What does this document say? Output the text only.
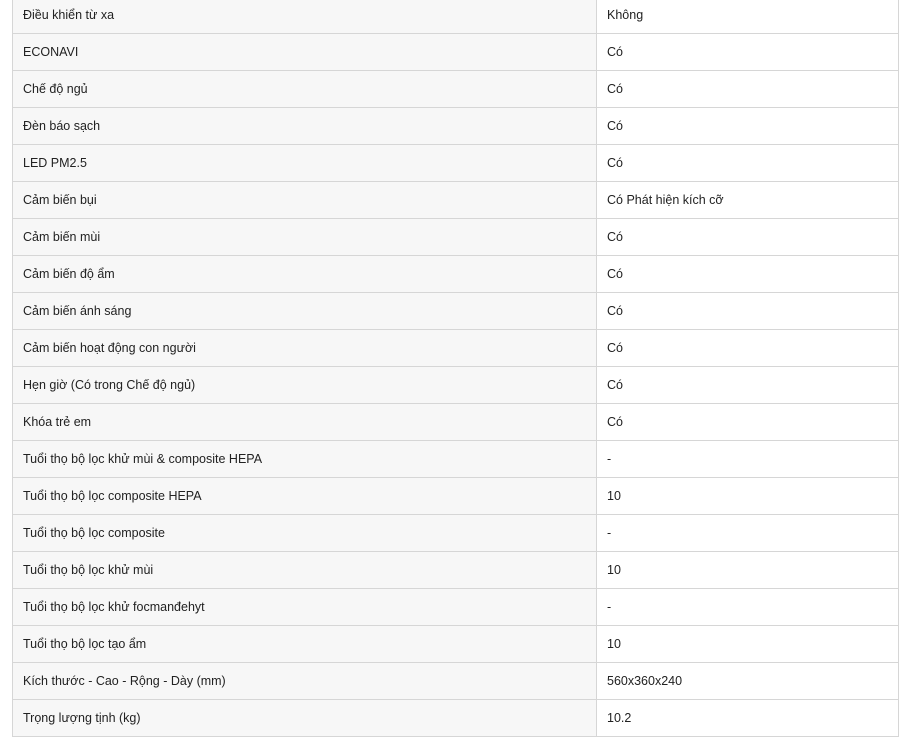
Điều khiển từ xa	Không
ECONAVI	Có
Chế độ ngủ	Có
Đèn báo sạch	Có
LED PM2.5	Có
Cảm biến bụi	Có Phát hiện kích cỡ
Cảm biến mùi	Có
Cảm biến độ ẩm	Có
Cảm biến ánh sáng	Có
Cảm biến hoạt động con người	Có
Hẹn giờ (Có trong Chế độ ngủ)	Có
Khóa trẻ em	Có
Tuổi thọ bộ lọc khử mùi & composite HEPA	-
Tuổi thọ bộ lọc composite HEPA	10
Tuổi thọ bộ lọc composite	-
Tuổi thọ bộ lọc khử mùi	10
Tuổi thọ bộ lọc khử focmanđehyt	-
Tuổi thọ bộ lọc tạo ẩm	10
Kích thước - Cao - Rộng - Dày (mm)	560x360x240
Trọng lượng tịnh (kg)	10.2
